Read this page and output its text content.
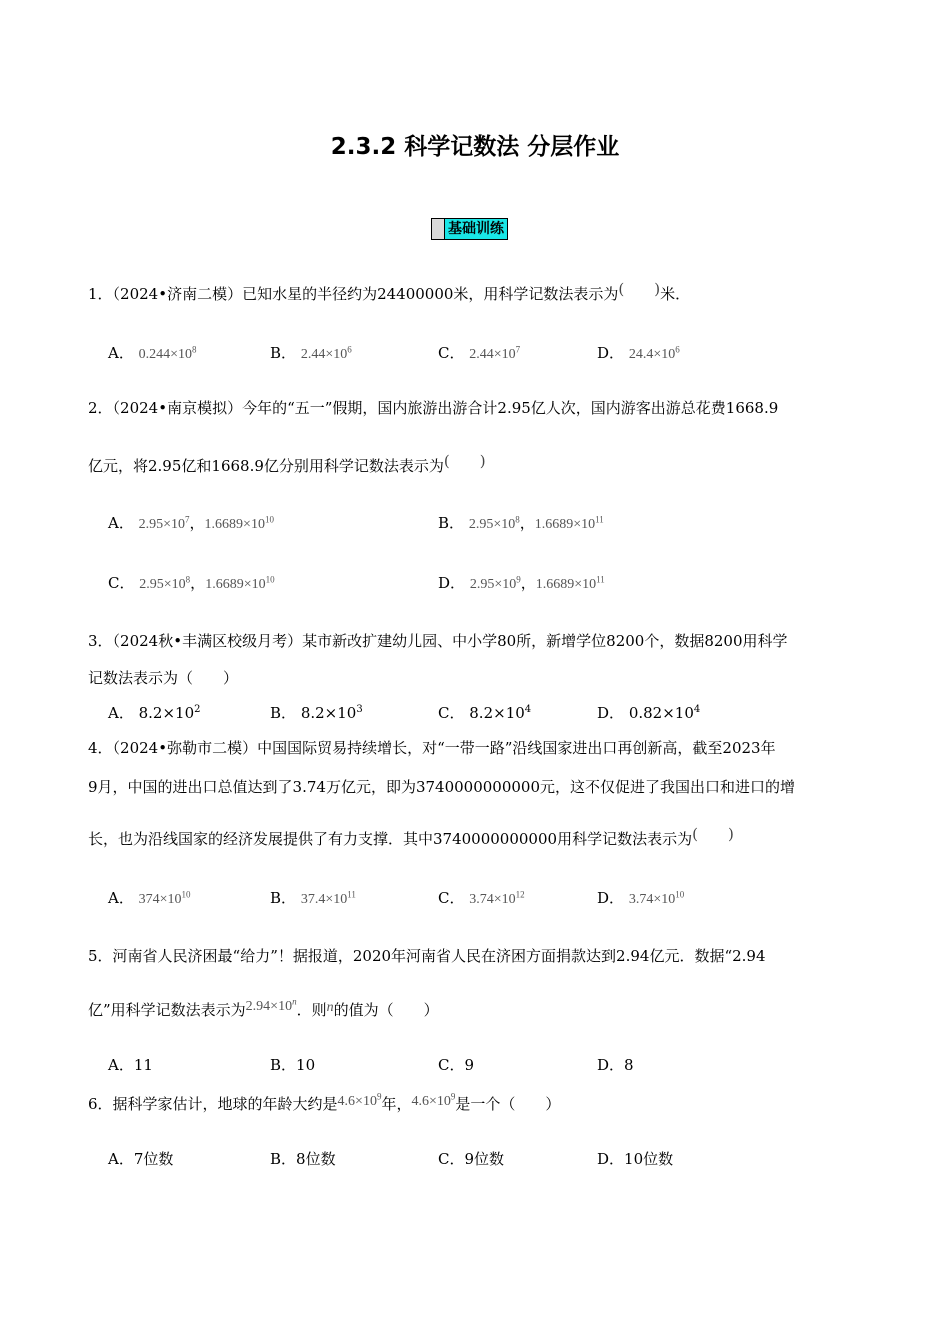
2.3.2 科学记数法 分层作业
基础训练
1．（2024•济南二模）已知水星的半径约为24400000米，用科学记数法表示为(   )米．
A． $0.244\times 10^8$	B． $2.44\times 10^6$	C． $2.44\times 10^7$	D． $24.4\times 10^6$
2．（2024•南京模拟）今年的“五一”假期，国内旅游出游合计2.95亿人次，国内游客出游总花费1668.9
亿元，将2.95亿和1668.9亿分别用科学记数法表示为(   )
A． $2.95\times 10^7$，$1.6689\times 10^{10}$	B． $2.95\times 10^8$，$1.6689\times 10^{11}$
C． $2.95\times 10^8$，$1.6689\times 10^{10}$	D． $2.95\times 10^9$，$1.6689\times 10^{11}$
3．（2024秋•丰满区校级月考）某市新改扩建幼儿园、中小学80所，新增学位8200个，数据8200用科学
记数法表示为（　　）
A． $8.2\times 10^2$	B． $8.2\times 10^3$	C． $8.2\times 10^4$	D． $0.82\times 10^4$
4．（2024•弥勒市二模）中国国际贸易持续增长，对“一带一路”沿线国家进出口再创新高，截至2023年
9月，中国的进出口总值达到了3.74万亿元，即为3740000000000元，这不仅促进了我国出口和进口的增
长，也为沿线国家的经济发展提供了有力支撑．其中3740000000000用科学记数法表示为(   )
A． $374\times 10^{10}$	B． $37.4\times 10^{11}$	C． $3.74\times 10^{12}$	D． $3.74\times 10^{10}$
5．河南省人民济困最“给力”！据报道，2020年河南省人民在济困方面捐款达到2.94亿元．数据“2.94
亿”用科学记数法表示为$2.94\times 10^n$．则n的值为（　　）
A．11	B．10	C．9	D．8
6．据科学家估计，地球的年龄大约是$4.6\times 10^9$年，$4.6\times 10^9$是一个（　　）
A．7位数	B．8位数	C．9位数	D．10位数
